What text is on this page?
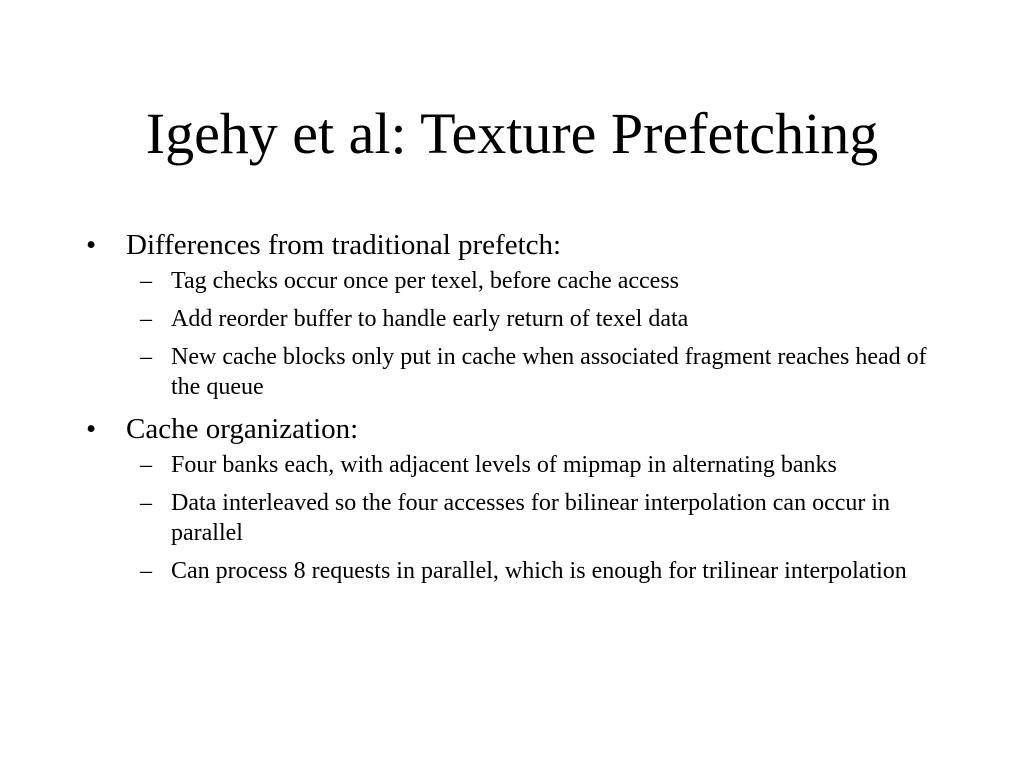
Igehy et al: Texture Prefetching
• Differences from traditional prefetch:
– Tag checks occur once per texel, before cache access
– Add reorder buffer to handle early return of texel data
– New cache blocks only put in cache when associated fragment reaches head of the queue
• Cache organization:
– Four banks each, with adjacent levels of mipmap in alternating banks
– Data interleaved so the four accesses for bilinear interpolation can occur in parallel
– Can process 8 requests in parallel, which is enough for trilinear interpolation
